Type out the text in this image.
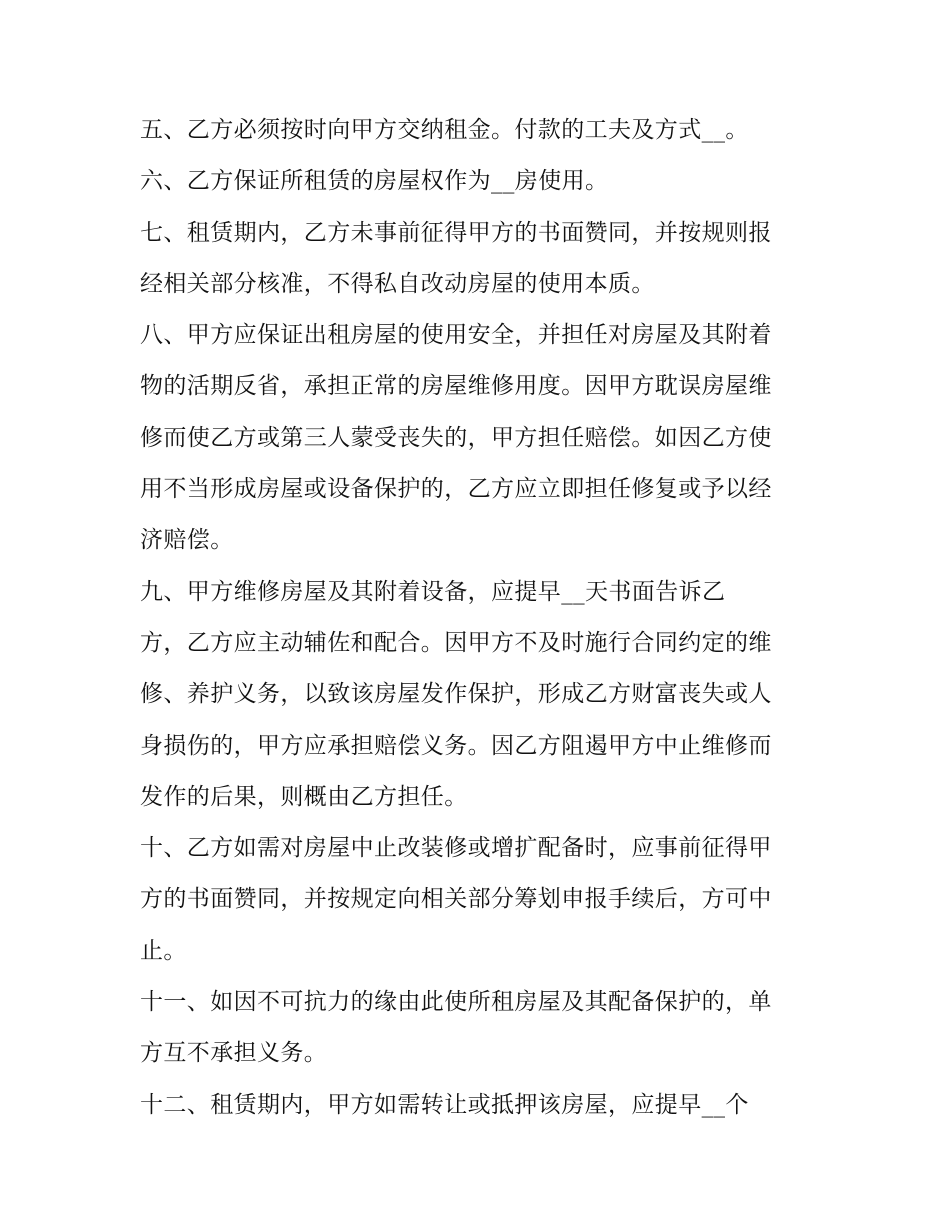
五、乙方必须按时向甲方交纳租金。付款的工夫及方式__。
六、乙方保证所租赁的房屋权作为__房使用。
七、租赁期内，乙方未事前征得甲方的书面赞同，并按规则报
经相关部分核准，不得私自改动房屋的使用本质。
八、甲方应保证出租房屋的使用安全，并担任对房屋及其附着
物的活期反省，承担正常的房屋维修用度。因甲方耽误房屋维
修而使乙方或第三人蒙受丧失的，甲方担任赔偿。如因乙方使
用不当形成房屋或设备保护的，乙方应立即担任修复或予以经
济赔偿。
九、甲方维修房屋及其附着设备，应提早__天书面告诉乙
方，乙方应主动辅佐和配合。因甲方不及时施行合同约定的维
修、养护义务，以致该房屋发作保护，形成乙方财富丧失或人
身损伤的，甲方应承担赔偿义务。因乙方阻遏甲方中止维修而
发作的后果，则概由乙方担任。
十、乙方如需对房屋中止改装修或增扩配备时，应事前征得甲
方的书面赞同，并按规定向相关部分筹划申报手续后，方可中
止。
十一、如因不可抗力的缘由此使所租房屋及其配备保护的，单
方互不承担义务。
十二、租赁期内，甲方如需转让或抵押该房屋，应提早__个
